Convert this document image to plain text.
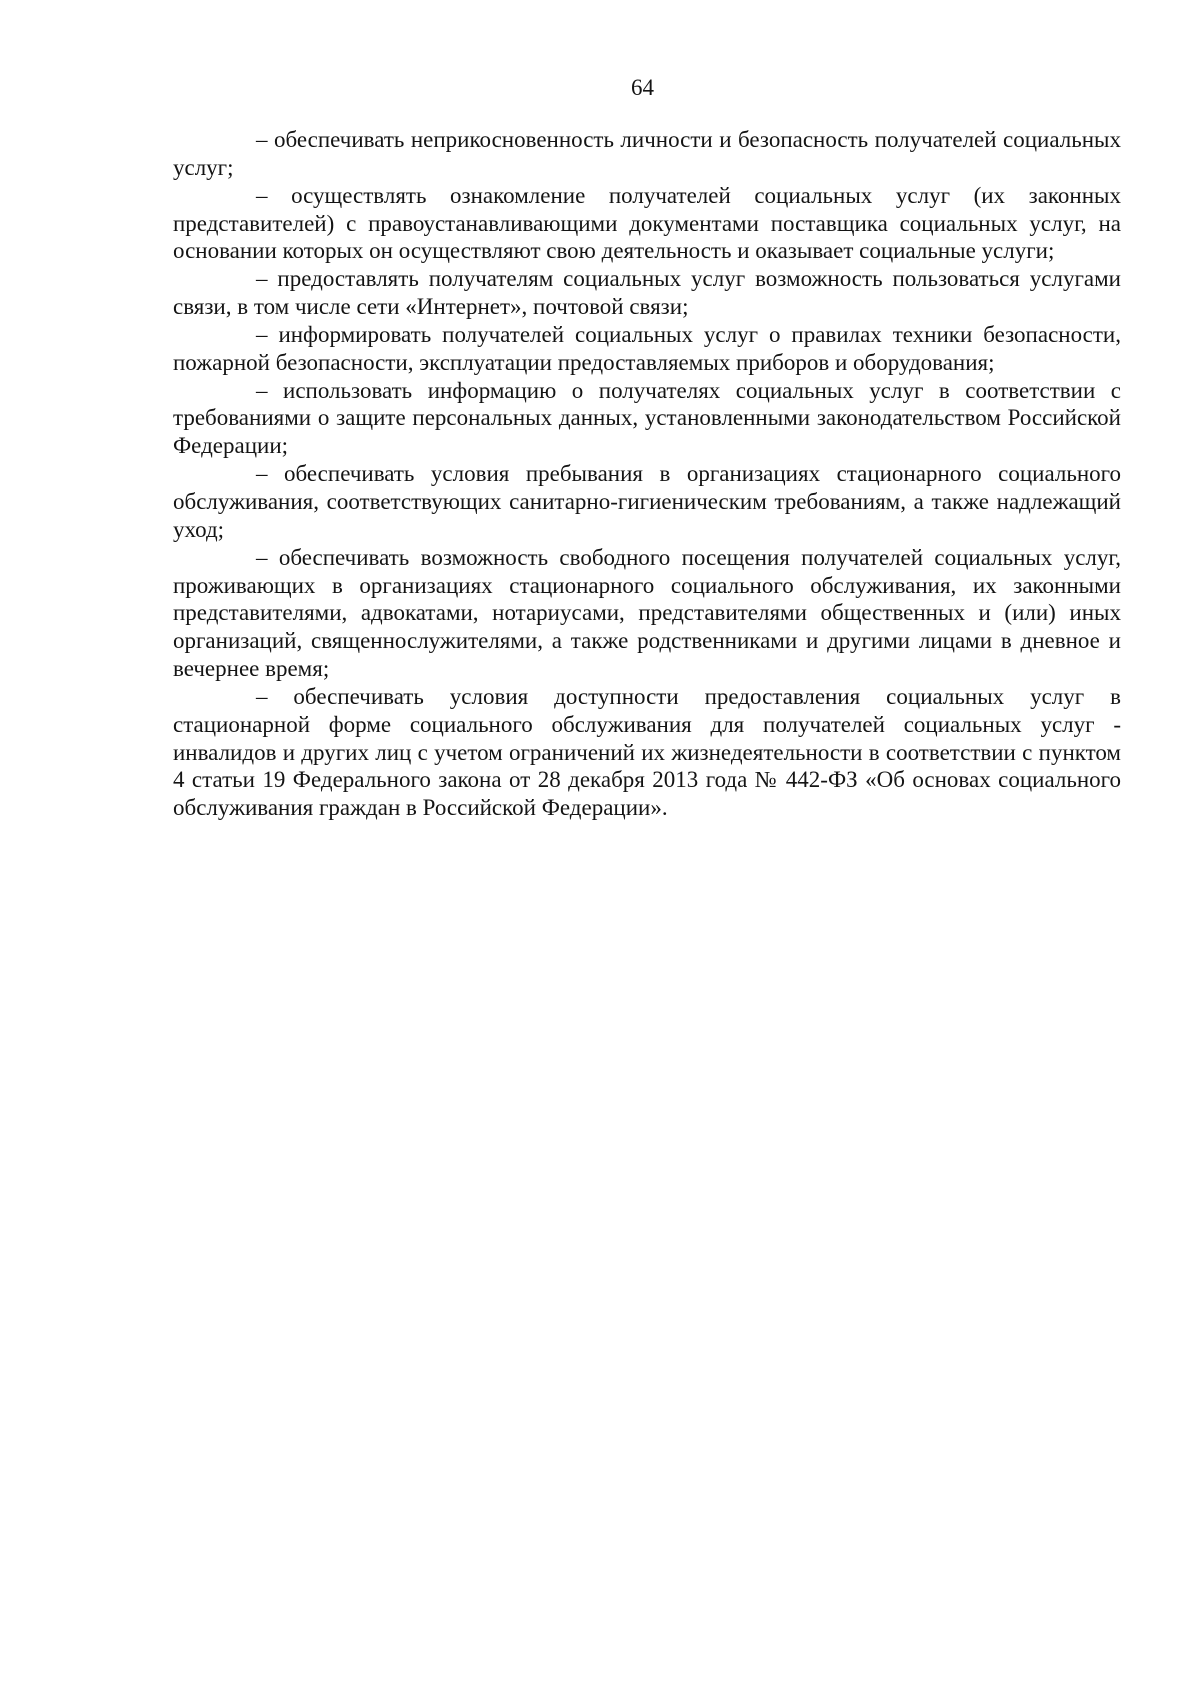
64

– обеспечивать неприкосновенность личности и безопасность получателей социальных услуг;

– осуществлять ознакомление получателей социальных услуг (их законных представителей) с правоустанавливающими документами поставщика социальных услуг, на основании которых он осуществляют свою деятельность и оказывает социальные услуги;

– предоставлять получателям социальных услуг возможность пользоваться услугами связи, в том числе сети «Интернет», почтовой связи;

– информировать получателей социальных услуг о правилах техники безопасности, пожарной безопасности, эксплуатации предоставляемых приборов и оборудования;

– использовать информацию о получателях социальных услуг в соответствии с требованиями о защите персональных данных, установленными законодательством Российской Федерации;

– обеспечивать условия пребывания в организациях стационарного социального обслуживания, соответствующих санитарно-гигиеническим требованиям, а также надлежащий уход;

– обеспечивать возможность свободного посещения получателей социальных услуг, проживающих в организациях стационарного социального обслуживания, их законными представителями, адвокатами, нотариусами, представителями общественных и (или) иных организаций, священнослужителями, а также родственниками и другими лицами в дневное и вечернее время;

– обеспечивать условия доступности предоставления социальных услуг в стационарной форме социального обслуживания для получателей социальных услуг - инвалидов и других лиц с учетом ограничений их жизнедеятельности в соответствии с пунктом 4 статьи 19 Федерального закона от 28 декабря 2013 года № 442-ФЗ «Об основах социального обслуживания граждан в Российской Федерации».
